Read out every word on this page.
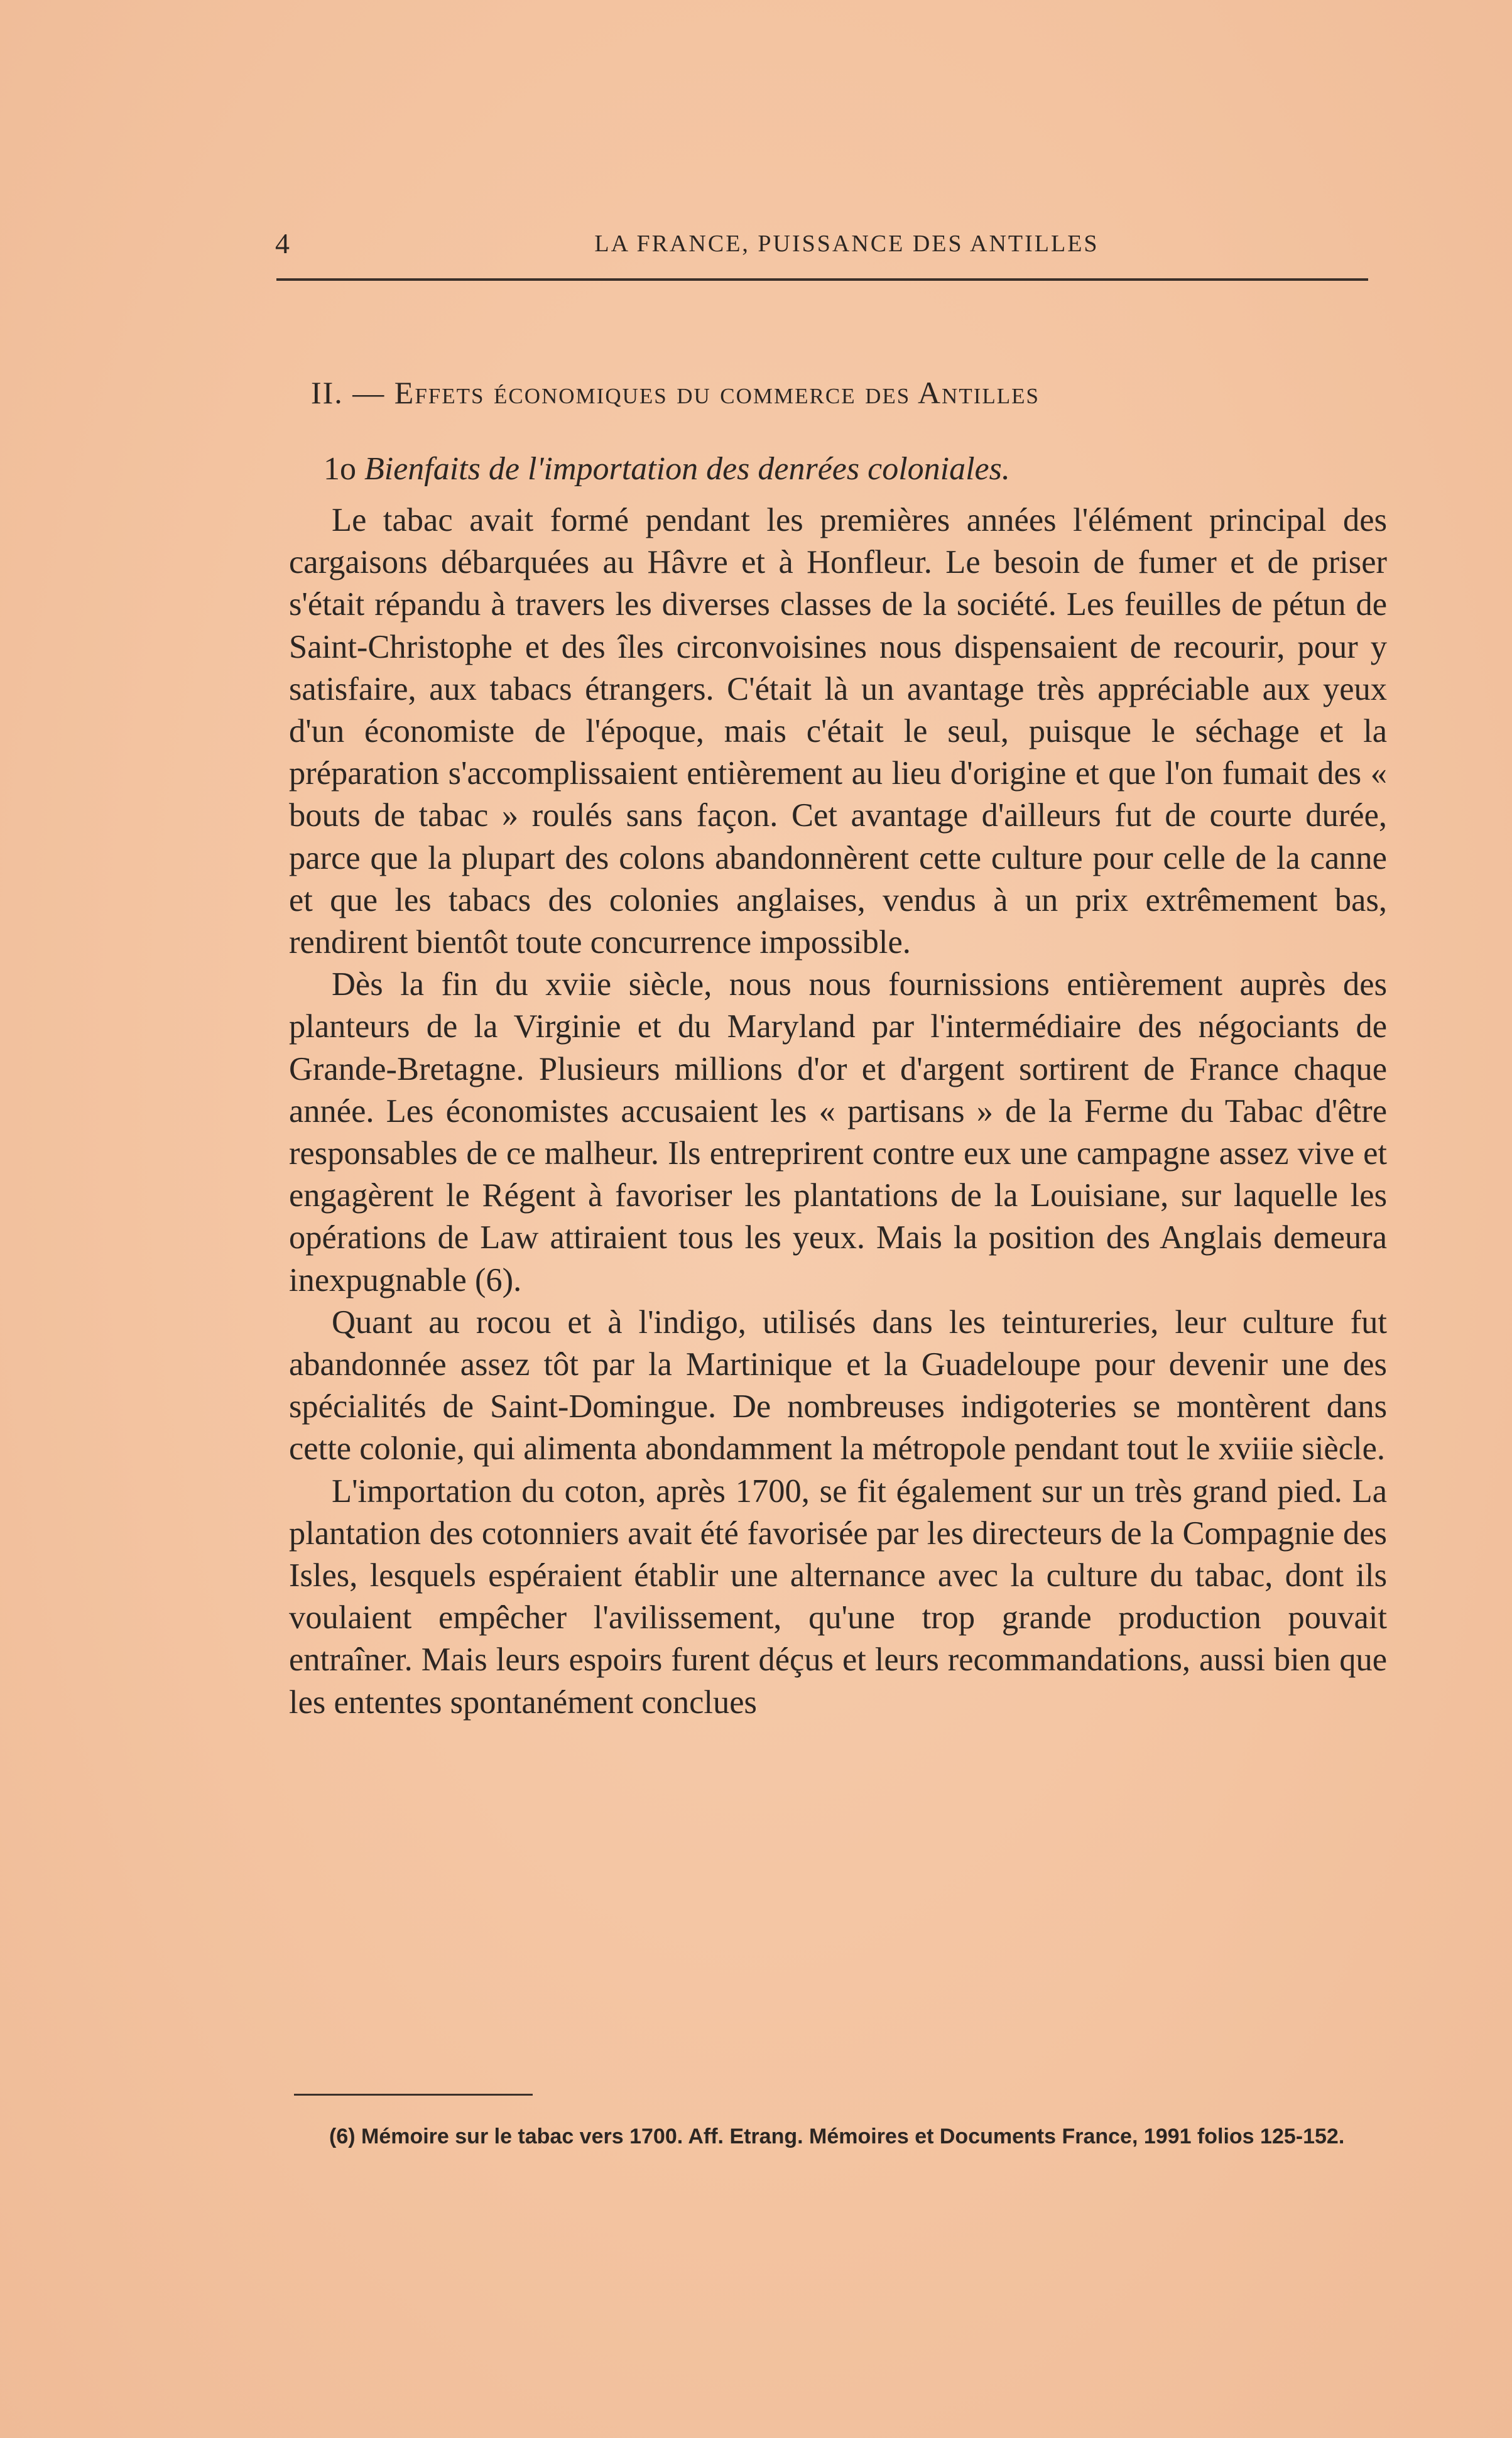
4	LA FRANCE, PUISSANCE DES ANTILLES
II. — Effets économiques du commerce des Antilles
1o Bienfaits de l'importation des denrées coloniales.

Le tabac avait formé pendant les premières années l'élément principal des cargaisons débarquées au Hâvre et à Honfleur. Le besoin de fumer et de priser s'était répandu à travers les diverses classes de la société. Les feuilles de pétun de Saint-Christophe et des îles circonvoisines nous dispensaient de recourir, pour y satisfaire, aux tabacs étrangers. C'était là un avantage très appréciable aux yeux d'un économiste de l'époque, mais c'était le seul, puisque le séchage et la préparation s'accomplissaient entièrement au lieu d'origine et que l'on fumait des « bouts de tabac » roulés sans façon. Cet avantage d'ailleurs fut de courte durée, parce que la plupart des colons abandonnèrent cette culture pour celle de la canne et que les tabacs des colonies anglaises, vendus à un prix extrêmement bas, rendirent bientôt toute concurrence impossible.

Dès la fin du xviie siècle, nous nous fournissions entièrement auprès des planteurs de la Virginie et du Maryland par l'intermédiaire des négociants de Grande-Bretagne. Plusieurs millions d'or et d'argent sortirent de France chaque année. Les économistes accusaient les « partisans » de la Ferme du Tabac d'être responsables de ce malheur. Ils entreprirent contre eux une campagne assez vive et engagèrent le Régent à favoriser les plantations de la Louisiane, sur laquelle les opérations de Law attiraient tous les yeux. Mais la position des Anglais demeura inexpugnable (6).

Quant au rocou et à l'indigo, utilisés dans les teintureries, leur culture fut abandonnée assez tôt par la Martinique et la Guadeloupe pour devenir une des spécialités de Saint-Domingue. De nombreuses indigoteries se montèrent dans cette colonie, qui alimenta abondamment la métropole pendant tout le xviiie siècle.

L'importation du coton, après 1700, se fit également sur un très grand pied. La plantation des cotonniers avait été favorisée par les directeurs de la Compagnie des Isles, lesquels espéraient établir une alternance avec la culture du tabac, dont ils voulaient empêcher l'avilissement, qu'une trop grande production pouvait entraîner. Mais leurs espoirs furent déçus et leurs recommandations, aussi bien que les ententes spontanément conclues

(6) Mémoire sur le tabac vers 1700. Aff. Etrang. Mémoires et Documents France, 1991 folios 125-152.
